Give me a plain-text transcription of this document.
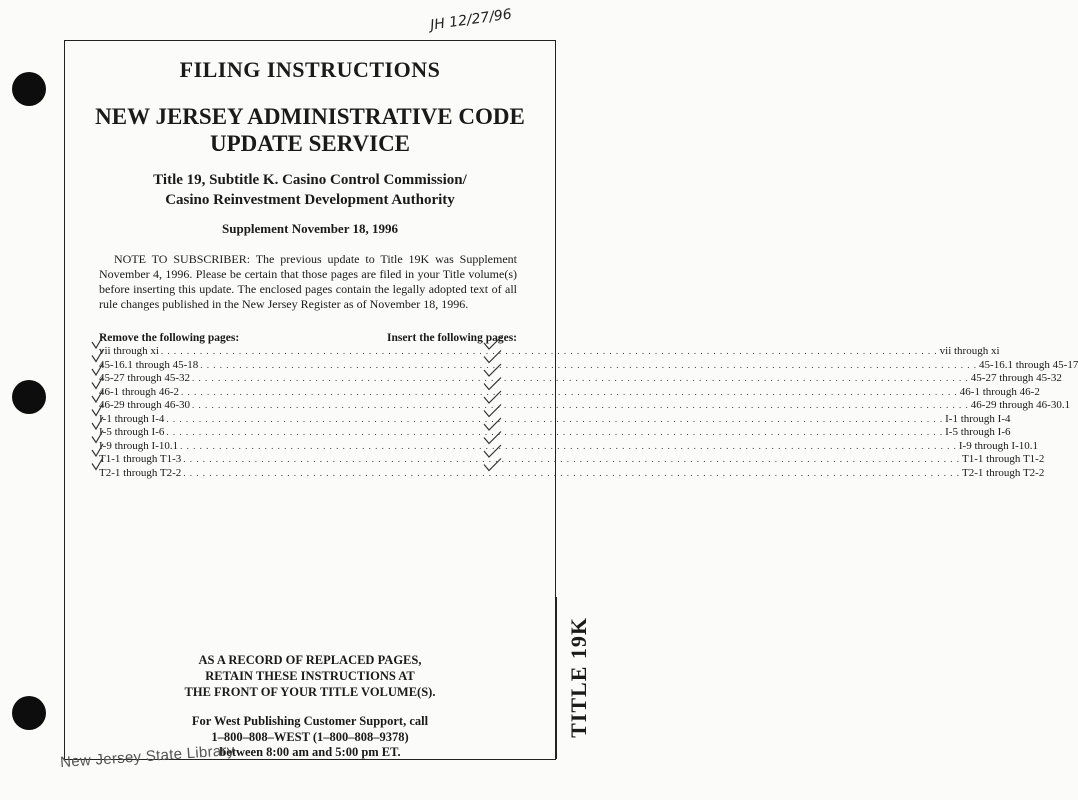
JH 12/27/96
FILING INSTRUCTIONS
NEW JERSEY ADMINISTRATIVE CODE
UPDATE SERVICE
Title 19, Subtitle K. Casino Control Commission/
Casino Reinvestment Development Authority
Supplement November 18, 1996
NOTE TO SUBSCRIBER: The previous update to Title 19K was Supplement November 4, 1996. Please be certain that those pages are filed in your Title volume(s) before inserting this update. The enclosed pages contain the legally adopted text of all rule changes published in the New Jersey Register as of November 18, 1996.
Remove the following pages:	Insert the following pages:
vii through xi . . . . . . . . . . . . . . . . . . . . . . . . . . . . . . . . . . . . . . . . . . . . . . . . . . . . . . . . . . . . . . . . . . . . . . . . . . . . . . . . . . . . . . . . . . . . . . . . . . . . . . . . . . . . . . . . . . . . . . . . vii through xi
45-16.1 through 45-18 . . . . . . . . . . . . . . . . . . . . . . . . . . . . . . . . . . . . . . . . . . . . . . . . . . . . . . . . . . . . . . . . . . . . . . . . . . . . . . . . . . . . . . . . . . . . . . . . . . . . . . . . . . . . . . . . . . . . . . . . 45-16.1 through 45-17
45-27 through 45-32 . . . . . . . . . . . . . . . . . . . . . . . . . . . . . . . . . . . . . . . . . . . . . . . . . . . . . . . . . . . . . . . . . . . . . . . . . . . . . . . . . . . . . . . . . . . . . . . . . . . . . . . . . . . . . . . . . . . . . . . . 45-27 through 45-32
46-1 through 46-2 . . . . . . . . . . . . . . . . . . . . . . . . . . . . . . . . . . . . . . . . . . . . . . . . . . . . . . . . . . . . . . . . . . . . . . . . . . . . . . . . . . . . . . . . . . . . . . . . . . . . . . . . . . . . . . . . . . . . . . . . 46-1 through 46-2
46-29 through 46-30 . . . . . . . . . . . . . . . . . . . . . . . . . . . . . . . . . . . . . . . . . . . . . . . . . . . . . . . . . . . . . . . . . . . . . . . . . . . . . . . . . . . . . . . . . . . . . . . . . . . . . . . . . . . . . . . . . . . . . . . . 46-29 through 46-30.1
I-1 through I-4 . . . . . . . . . . . . . . . . . . . . . . . . . . . . . . . . . . . . . . . . . . . . . . . . . . . . . . . . . . . . . . . . . . . . . . . . . . . . . . . . . . . . . . . . . . . . . . . . . . . . . . . . . . . . . . . . . . . . . . . . I-1 through I-4
I-5 through I-6 . . . . . . . . . . . . . . . . . . . . . . . . . . . . . . . . . . . . . . . . . . . . . . . . . . . . . . . . . . . . . . . . . . . . . . . . . . . . . . . . . . . . . . . . . . . . . . . . . . . . . . . . . . . . . . . . . . . . . . . . I-5 through I-6
I-9 through I-10.1 . . . . . . . . . . . . . . . . . . . . . . . . . . . . . . . . . . . . . . . . . . . . . . . . . . . . . . . . . . . . . . . . . . . . . . . . . . . . . . . . . . . . . . . . . . . . . . . . . . . . . . . . . . . . . . . . . . . . . . . . I-9 through I-10.1
T1-1 through T1-3 . . . . . . . . . . . . . . . . . . . . . . . . . . . . . . . . . . . . . . . . . . . . . . . . . . . . . . . . . . . . . . . . . . . . . . . . . . . . . . . . . . . . . . . . . . . . . . . . . . . . . . . . . . . . . . . . . . . . . . . . T1-1 through T1-2
T2-1 through T2-2 . . . . . . . . . . . . . . . . . . . . . . . . . . . . . . . . . . . . . . . . . . . . . . . . . . . . . . . . . . . . . . . . . . . . . . . . . . . . . . . . . . . . . . . . . . . . . . . . . . . . . . . . . . . . . . . . . . . . . . . . T2-1 through T2-2
AS A RECORD OF REPLACED PAGES,
RETAIN THESE INSTRUCTIONS AT
THE FRONT OF YOUR TITLE VOLUME(S).
For West Publishing Customer Support, call
1–800–808–WEST (1–800–808–9378)
between 8:00 am and 5:00 pm ET.
TITLE 19K
New Jersey State Library
